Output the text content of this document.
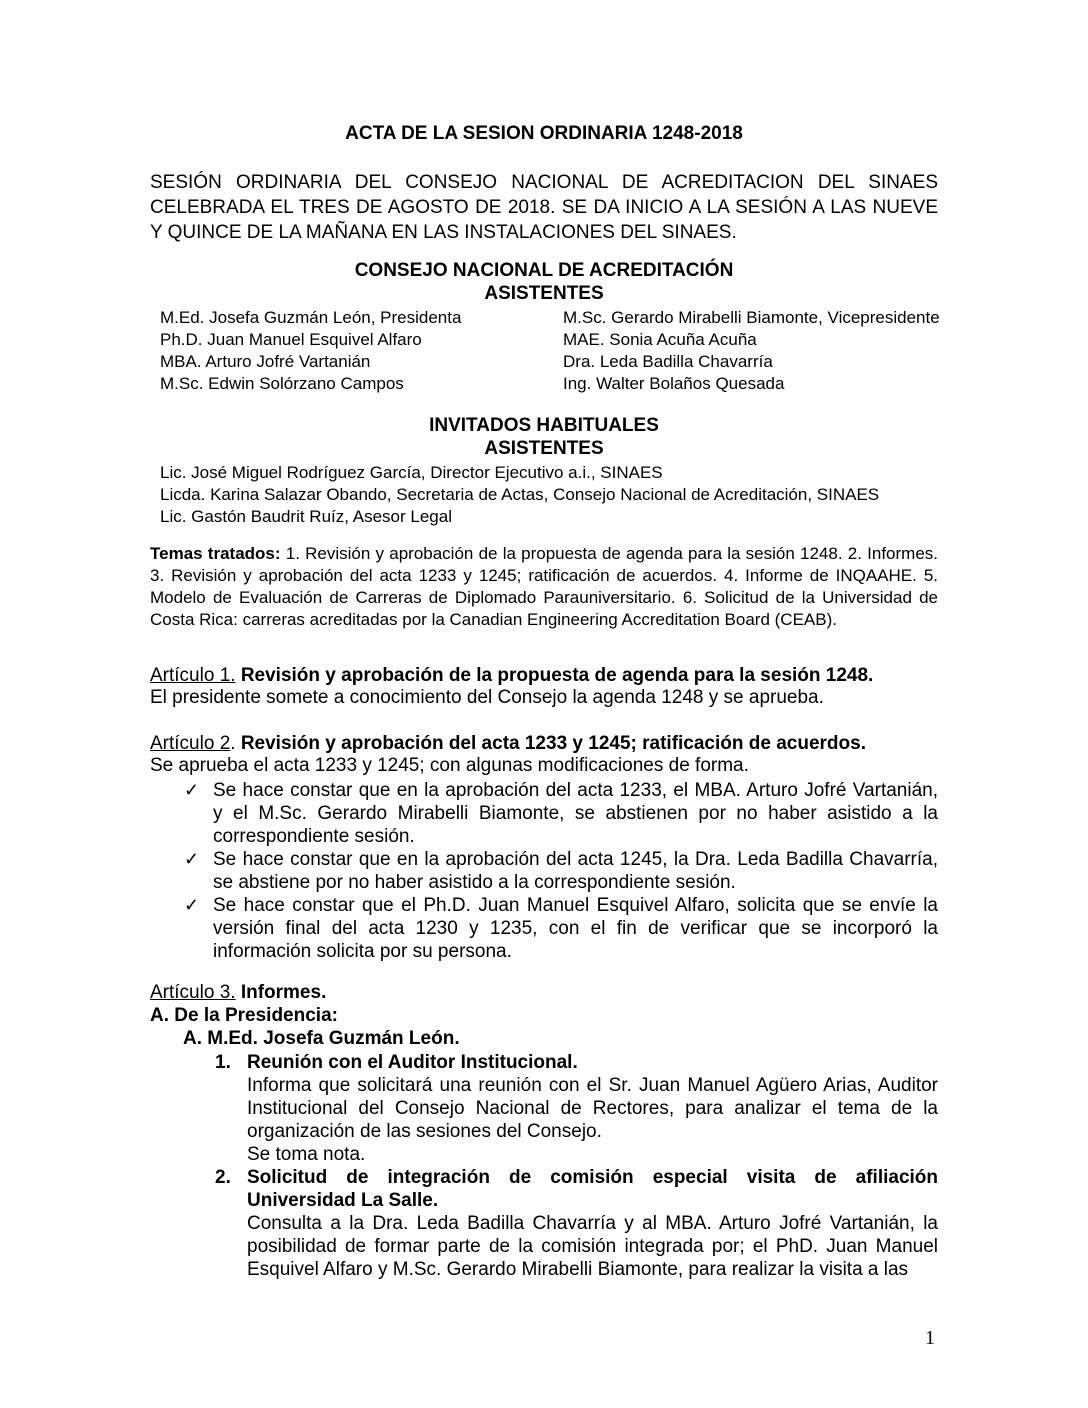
ACTA DE LA SESION ORDINARIA 1248-2018
SESIÓN ORDINARIA DEL CONSEJO NACIONAL DE ACREDITACION DEL SINAES CELEBRADA EL TRES DE AGOSTO DE 2018. SE DA INICIO A LA SESIÓN A LAS NUEVE Y QUINCE DE LA MAÑANA EN LAS INSTALACIONES DEL SINAES.
CONSEJO NACIONAL DE ACREDITACIÓN
ASISTENTES
M.Ed. Josefa Guzmán León, Presidenta
Ph.D. Juan Manuel Esquivel Alfaro
MBA. Arturo Jofré Vartanián
M.Sc. Edwin Solórzano Campos
M.Sc. Gerardo Mirabelli Biamonte, Vicepresidente
MAE. Sonia Acuña Acuña
Dra. Leda Badilla Chavarría
Ing. Walter Bolaños Quesada
INVITADOS HABITUALES
ASISTENTES
Lic. José Miguel Rodríguez García, Director Ejecutivo a.i., SINAES
Licda. Karina Salazar Obando, Secretaria de Actas, Consejo Nacional de Acreditación, SINAES
Lic. Gastón Baudrit Ruíz, Asesor Legal
Temas tratados: 1. Revisión y aprobación de la propuesta de agenda para la sesión 1248. 2. Informes. 3. Revisión y aprobación del acta 1233 y 1245; ratificación de acuerdos. 4. Informe de INQAAHE. 5. Modelo de Evaluación de Carreras de Diplomado Parauniversitario. 6. Solicitud de la Universidad de Costa Rica: carreras acreditadas por la Canadian Engineering Accreditation Board (CEAB).
Artículo 1. Revisión y aprobación de la propuesta de agenda para la sesión 1248.
El presidente somete a conocimiento del Consejo la agenda 1248 y se aprueba.
Artículo 2. Revisión y aprobación del acta 1233 y 1245; ratificación de acuerdos.
Se aprueba el acta 1233 y 1245; con algunas modificaciones de forma.

✓ Se hace constar que en la aprobación del acta 1233, el MBA. Arturo Jofré Vartanián, y el M.Sc. Gerardo Mirabelli Biamonte, se abstienen por no haber asistido a la correspondiente sesión.

✓ Se hace constar que en la aprobación del acta 1245, la Dra. Leda Badilla Chavarría, se abstiene por no haber asistido a la correspondiente sesión.

✓ Se hace constar que el Ph.D. Juan Manuel Esquivel Alfaro, solicita que se envíe la versión final del acta 1230 y 1235, con el fin de verificar que se incorporó la información solicita por su persona.

Artículo 3. Informes.
A. De la Presidencia:
A. M.Ed. Josefa Guzmán León.
1. Reunión con el Auditor Institucional.
Informa que solicitará una reunión con el Sr. Juan Manuel Agüero Arias, Auditor Institucional del Consejo Nacional de Rectores, para analizar el tema de la organización de las sesiones del Consejo.
Se toma nota.
2. Solicitud de integración de comisión especial visita de afiliación Universidad La Salle.
Consulta a la Dra. Leda Badilla Chavarría y al MBA. Arturo Jofré Vartanián, la posibilidad de formar parte de la comisión integrada por; el PhD. Juan Manuel Esquivel Alfaro y M.Sc. Gerardo Mirabelli Biamonte, para realizar la visita a las
1
